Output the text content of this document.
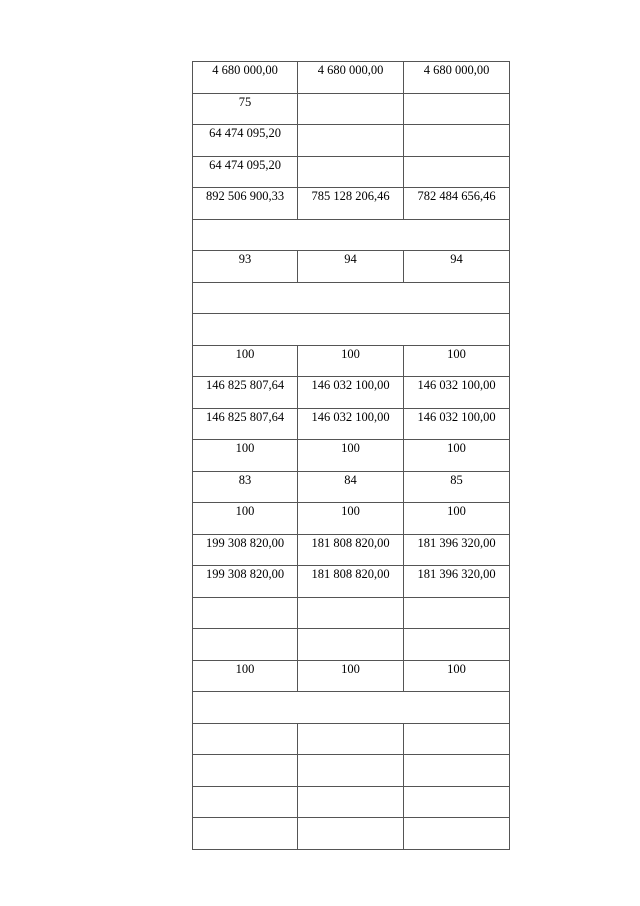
4 680 000,00	4 680 000,00	4 680 000,00
75		
64 474 095,20		
64 474 095,20		
892 506 900,33	785 128 206,46	782 484 656,46

93	94	94

100	100	100
146 825 807,64	146 032 100,00	146 032 100,00
146 825 807,64	146 032 100,00	146 032 100,00
100	100	100
83	84	85
100	100	100
199 308 820,00	181 808 820,00	181 396 320,00
199 308 820,00	181 808 820,00	181 396 320,00

100	100	100
